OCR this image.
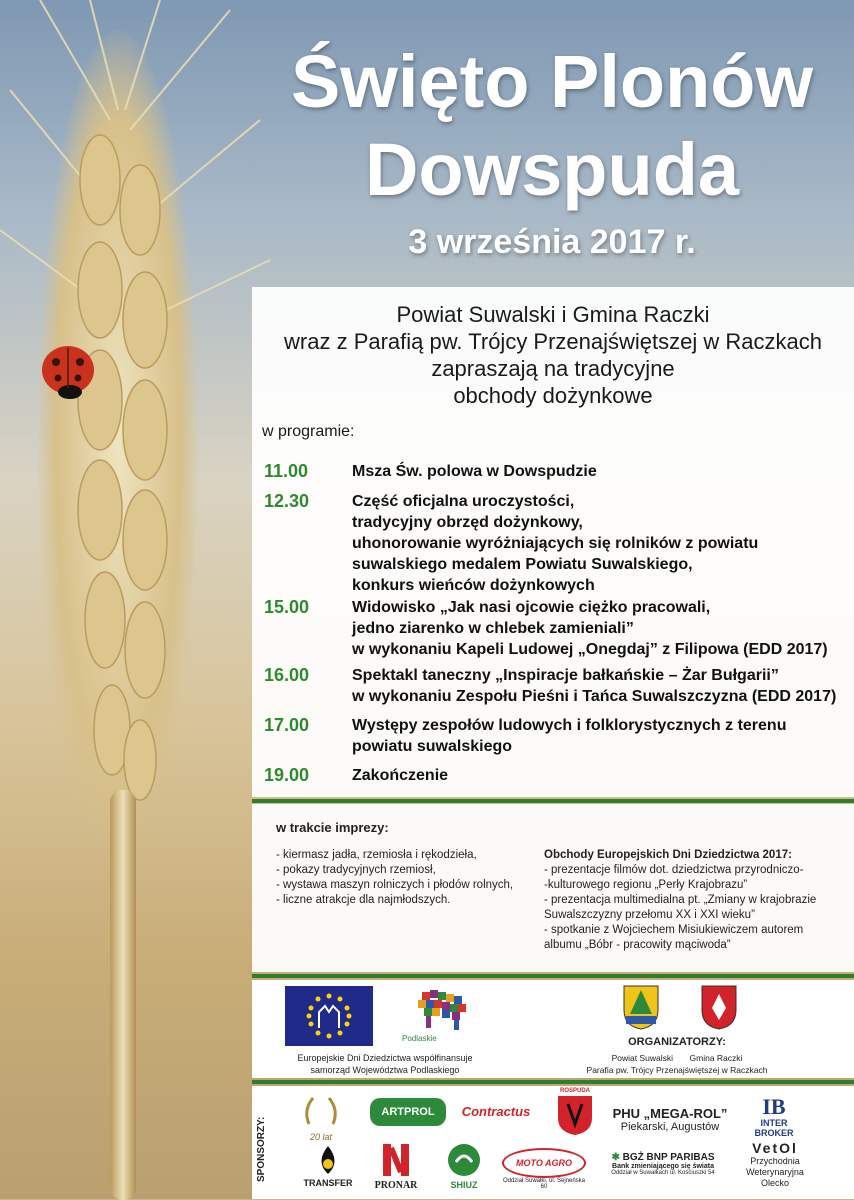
Święto Plonów
Dowspuda
3 września 2017 r.
Powiat Suwalski i Gmina Raczki
wraz z Parafią pw. Trójcy Przenajświętszej w Raczkach
zapraszają na tradycyjne
obchody dożynkowe
w programie:
11.00	Msza Św. polowa w Dowspudzie
12.30	Część oficjalna uroczystości,
tradycyjny obrzęd dożynkowy,
uhonorowanie wyróżniających się rolników z powiatu
suwalskiego medalem Powiatu Suwalskiego,
konkurs wieńców dożynkowych
15.00	Widowisko „Jak nasi ojcowie ciężko pracowali,
jedno ziarenko w chlebek zamieniali”
w wykonaniu Kapeli Ludowej „Onegdaj” z Filipowa (EDD 2017)
16.00	Spektakl taneczny „Inspiracje bałkańskie – Żar Bułgarii”
w wykonaniu Zespołu Pieśni i Tańca Suwalszczyzna (EDD 2017)
17.00	Występy zespołów ludowych i folklorystycznych z terenu
powiatu suwalskiego
19.00	Zakończenie
w trakcie imprezy:
- kiermasz jadła, rzemiosła i rękodzieła,
- pokazy tradycyjnych rzemiosł,
- wystawa maszyn rolniczych i płodów rolnych,
- liczne atrakcje dla najmłodszych.
Obchody Europejskich Dni Dziedzictwa 2017:
- prezentacje filmów dot. dziedzictwa przyrodniczo-
-kulturowego regionu „Perły Krajobrazu”
- prezentacja multimedialna pt. „Zmiany w krajobrazie
Suwalszczyzny przełomu XX i XXI wieku”
- spotkanie z Wojciechem Misiukiewiczem autorem
albumu „Bóbr - pracowity mąciwoda”
Podlaskie
Europejskie Dni Dziedzictwa współfinansuje
samorząd Województwa Podlaskiego
ORGANIZATORZY:
Powiat Suwalski Gmina Raczki
Parafia pw. Trójcy Przenajświętszej w Raczkach
SPONSORZY:	20 lat
ARTPROL	Contractus
ROSPUDA
PHU „MEGA-ROL”
Piekarski, Augustów
IB
INTER BROKER
TRANSFER	PRONAR	SHIUZ
MOTO AGRO
Oddział Suwałki, ul. Sejneńska 60
✱ BGŻ BNP PARIBAS
Bank zmieniającego się świata
Oddział w Suwałkach ul. Kościuszki 54
VetOl
Przychodnia
Weterynaryjna
Olecko
